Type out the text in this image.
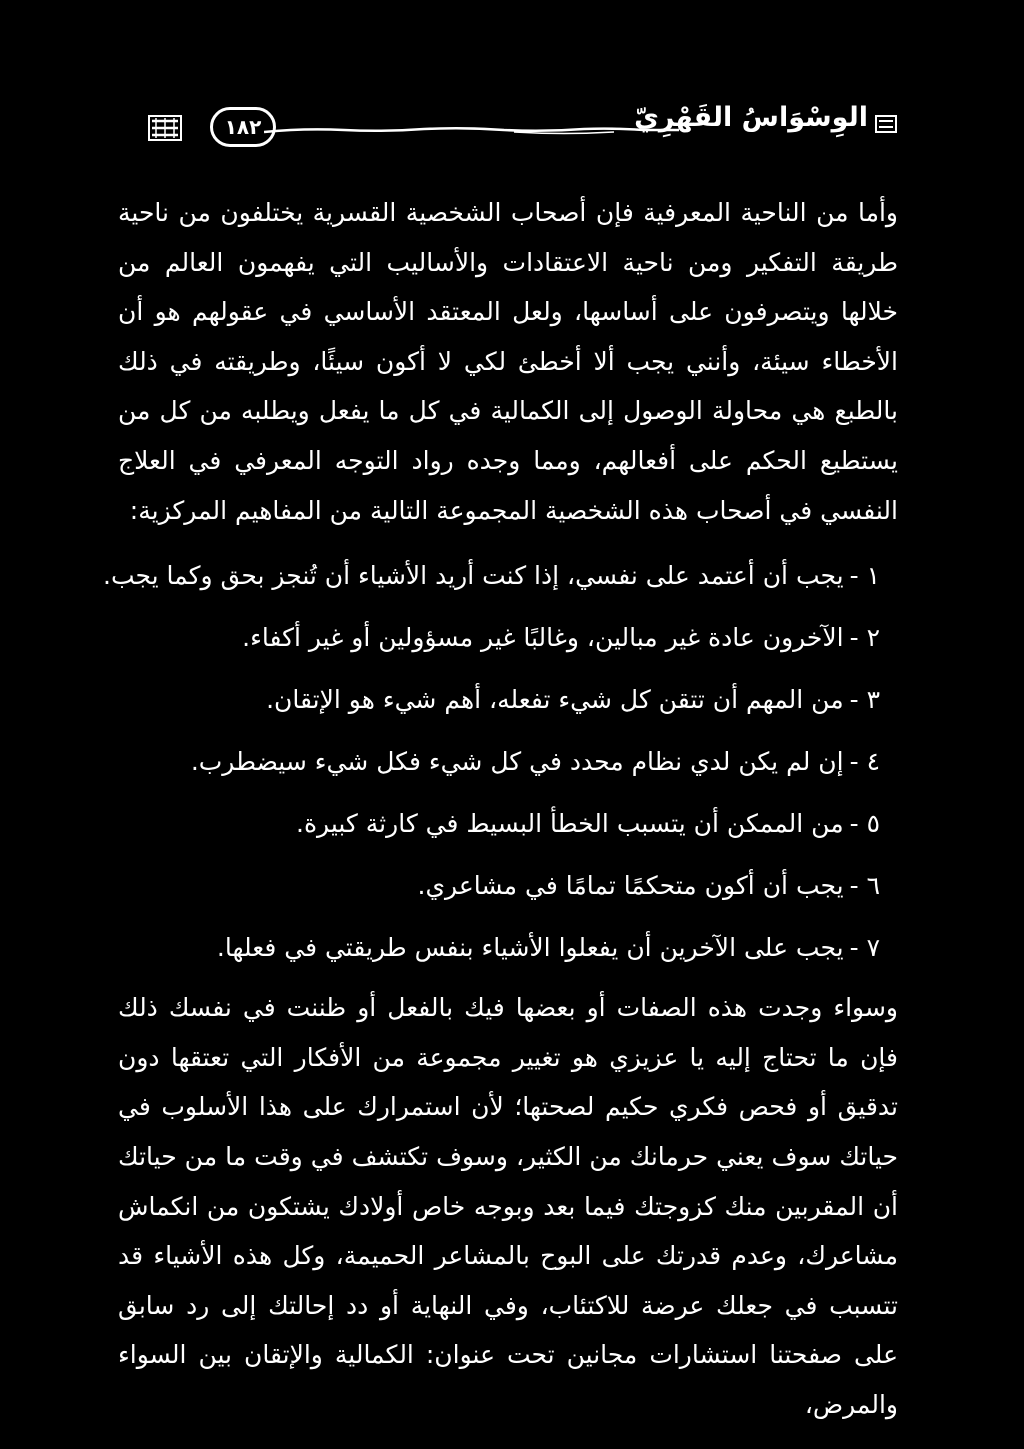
١٨٢	الوِسْوَاسُ القَهْرِيّ

وأما من الناحية المعرفية فإن أصحاب الشخصية القسرية يختلفون من ناحية طريقة التفكير ومن ناحية الاعتقادات والأساليب التي يفهمون العالم من خلالها ويتصرفون على أساسها، ولعل المعتقد الأساسي في عقولهم هو أن الأخطاء سيئة، وأنني يجب ألا أخطئ لكي لا أكون سيئًا، وطريقته في ذلك بالطبع هي محاولة الوصول إلى الكمالية في كل ما يفعل ويطلبه من كل من يستطيع الحكم على أفعالهم، ومما وجده رواد التوجه المعرفي في العلاج النفسي في أصحاب هذه الشخصية المجموعة التالية من المفاهيم المركزية:

١ -يجب أن أعتمد على نفسي، إذا كنت أريد الأشياء أن تُنجز بحق وكما يجب.
٢ -الآخرون عادة غير مبالين، وغالبًا غير مسؤولين أو غير أكفاء.
٣ -من المهم أن تتقن كل شيء تفعله، أهم شيء هو الإتقان.
٤ -إن لم يكن لدي نظام محدد في كل شيء فكل شيء سيضطرب.
٥ -من الممكن أن يتسبب الخطأ البسيط في كارثة كبيرة.
٦ -يجب أن أكون متحكمًا تمامًا في مشاعري.
٧ -يجب على الآخرين أن يفعلوا الأشياء بنفس طريقتي في فعلها.

وسواء وجدت هذه الصفات أو بعضها فيك بالفعل أو ظننت في نفسك ذلك فإن ما تحتاج إليه يا عزيزي هو تغيير مجموعة من الأفكار التي تعتقها دون تدقيق أو فحص فكري حكيم لصحتها؛ لأن استمرارك على هذا الأسلوب في حياتك سوف يعني حرمانك من الكثير، وسوف تكتشف في وقت ما من حياتك أن المقربين منك كزوجتك فيما بعد وبوجه خاص أولادك يشتكون من انكماش مشاعرك، وعدم قدرتك على البوح بالمشاعر الحميمة، وكل هذه الأشياء قد تتسبب في جعلك عرضة للاكتئاب، وفي النهاية أو دد إحالتك إلى رد سابق على صفحتنا استشارات مجانين تحت عنوان: الكمالية والإتقان بين السواء والمرض،
